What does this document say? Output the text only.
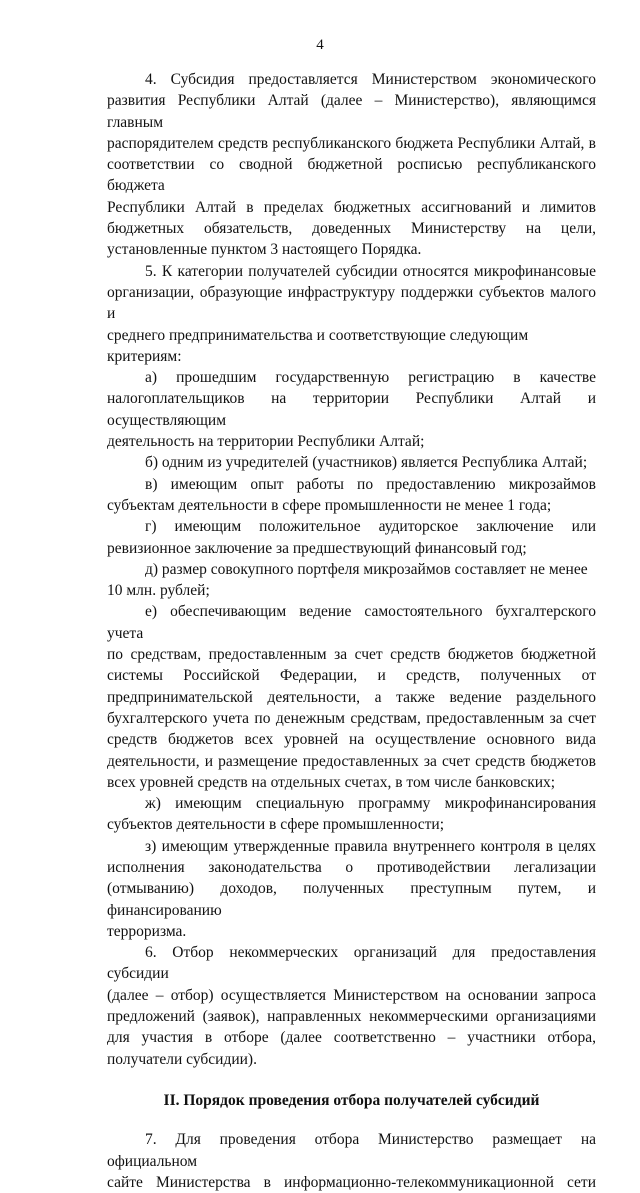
4

4. Субсидия предоставляется Министерством экономического
развития Республики Алтай (далее – Министерство), являющимся главным
распорядителем средств республиканского бюджета Республики Алтай, в
соответствии со сводной бюджетной росписью республиканского бюджета
Республики Алтай в пределах бюджетных ассигнований и лимитов
бюджетных обязательств, доведенных Министерству на цели,
установленные пунктом 3 настоящего Порядка.

5. К категории получателей субсидии относятся микрофинансовые
организации, образующие инфраструктуру поддержки субъектов малого и
среднего предпринимательства и соответствующие следующим критериям:

а) прошедшим государственную регистрацию в качестве
налогоплательщиков на территории Республики Алтай и осуществляющим
деятельность на территории Республики Алтай;

б) одним из учредителей (участников) является Республика Алтай;

в) имеющим опыт работы по предоставлению микрозаймов
субъектам деятельности в сфере промышленности не менее 1 года;

г) имеющим положительное аудиторское заключение или
ревизионное заключение за предшествующий финансовый год;

д) размер совокупного портфеля микрозаймов составляет не менее
10 млн. рублей;

е) обеспечивающим ведение самостоятельного бухгалтерского учета
по средствам, предоставленным за счет средств бюджетов бюджетной
системы Российской Федерации, и средств, полученных от
предпринимательской деятельности, а также ведение раздельного
бухгалтерского учета по денежным средствам, предоставленным за счет
средств бюджетов всех уровней на осуществление основного вида
деятельности, и размещение предоставленных за счет средств бюджетов
всех уровней средств на отдельных счетах, в том числе банковских;

ж) имеющим специальную программу микрофинансирования
субъектов деятельности в сфере промышленности;

з) имеющим утвержденные правила внутреннего контроля в целях
исполнения законодательства о противодействии легализации
(отмыванию) доходов, полученных преступным путем, и финансированию
терроризма.

6. Отбор некоммерческих организаций для предоставления субсидии
(далее – отбор) осуществляется Министерством на основании запроса
предложений (заявок), направленных некоммерческими организациями
для участия в отборе (далее соответственно – участники отбора,
получатели субсидии).

II. Порядок проведения отбора получателей субсидий

7. Для проведения отбора Министерство размещает на официальном
сайте Министерства в информационно-телекоммуникационной сети
